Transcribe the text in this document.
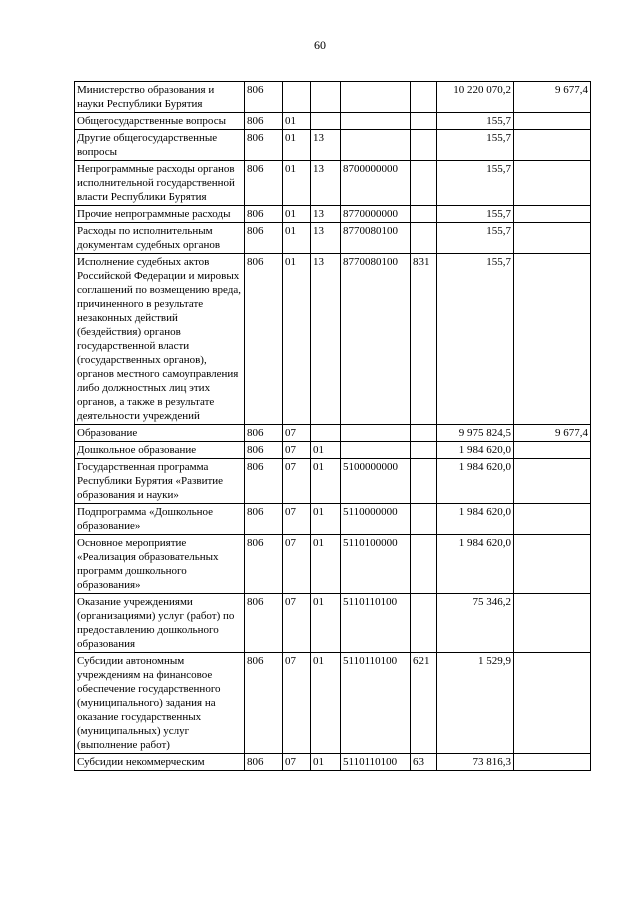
60
Министерство образования и науки Республики Бурятия	806					10 220 070,2	9 677,4
Общегосударственные вопросы	806	01				155,7	
Другие общегосударственные вопросы	806	01	13			155,7	
Непрограммные расходы органов исполнительной государственной власти Республики Бурятия	806	01	13	8700000000		155,7	
Прочие непрограммные расходы	806	01	13	8770000000		155,7	
Расходы по исполнительным документам судебных органов	806	01	13	8770080100		155,7	
Исполнение судебных актов Российской Федерации и мировых соглашений по возмещению вреда, причиненного в результате незаконных действий (бездействия) органов государственной власти (государственных органов), органов местного самоуправления либо должностных лиц этих органов, а также в результате деятельности учреждений	806	01	13	8770080100	831	155,7	
Образование	806	07				9 975 824,5	9 677,4
Дошкольное образование	806	07	01			1 984 620,0	
Государственная программа Республики Бурятия «Развитие образования и науки»	806	07	01	5100000000		1 984 620,0	
Подпрограмма «Дошкольное образование»	806	07	01	5110000000		1 984 620,0	
Основное мероприятие «Реализация образовательных программ дошкольного образования»	806	07	01	5110100000		1 984 620,0	
Оказание учреждениями (организациями) услуг (работ) по предоставлению дошкольного образования	806	07	01	5110110100		75 346,2	
Субсидии автономным учреждениям на финансовое обеспечение государственного (муниципального) задания на оказание государственных (муниципальных) услуг (выполнение работ)	806	07	01	5110110100	621	1 529,9	
Субсидии некоммерческим	806	07	01	5110110100	63	73 816,3	
